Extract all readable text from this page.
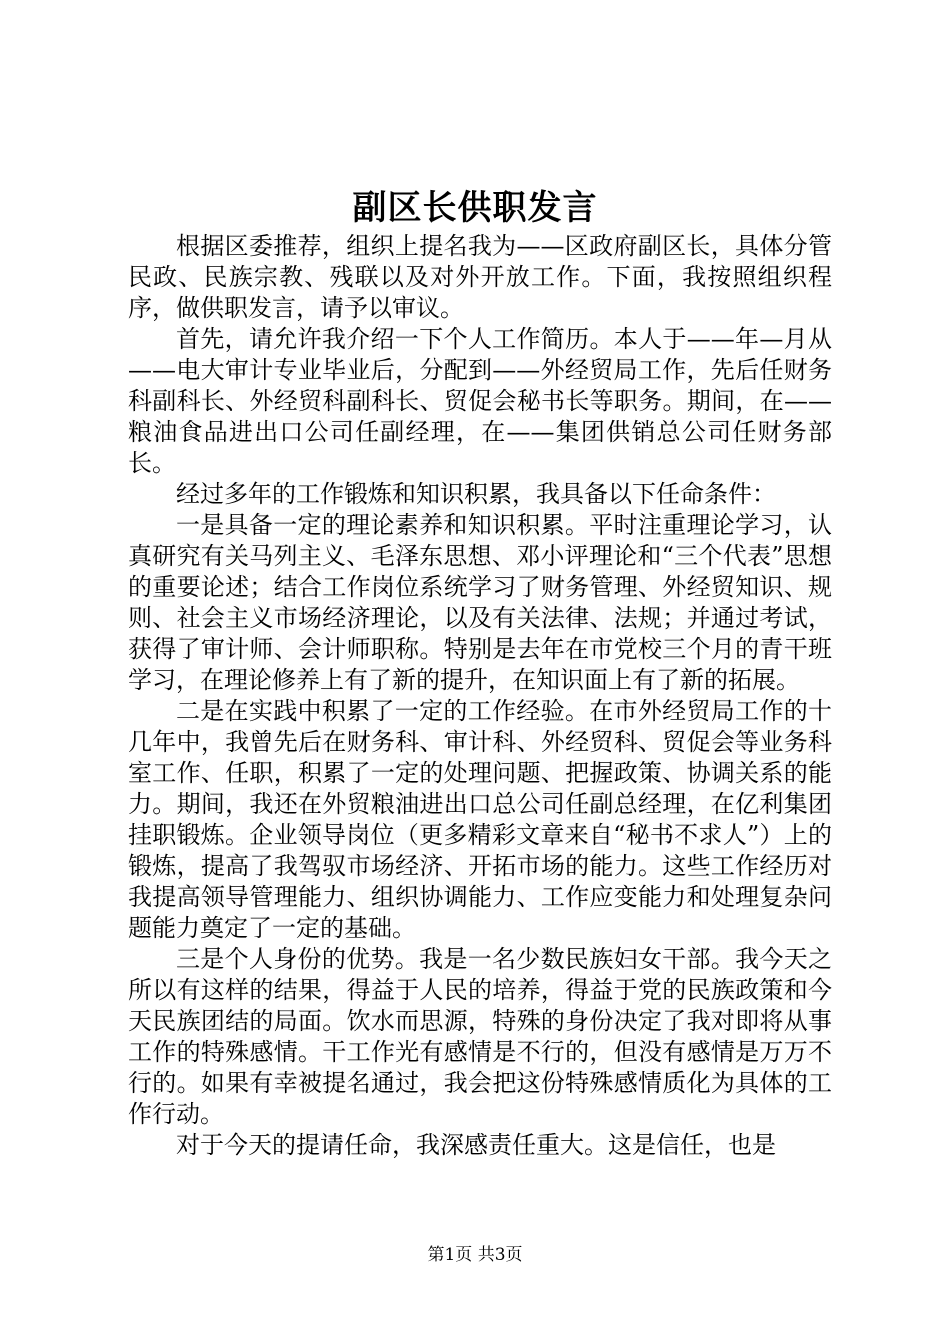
副区长供职发言

根据区委推荐，组织上提名我为——区政府副区长，具体分管民政、民族宗教、残联以及对外开放工作。下面，我按照组织程序，做供职发言，请予以审议。

首先，请允许我介绍一下个人工作简历。本人于——年—月从——电大审计专业毕业后，分配到——外经贸局工作，先后任财务科副科长、外经贸科副科长、贸促会秘书长等职务。期间，在——粮油食品进出口公司任副经理，在——集团供销总公司任财务部长。

经过多年的工作锻炼和知识积累，我具备以下任命条件：

一是具备一定的理论素养和知识积累。平时注重理论学习，认真研究有关马列主义、毛泽东思想、邓小评理论和“三个代表”思想的重要论述；结合工作岗位系统学习了财务管理、外经贸知识、规则、社会主义市场经济理论，以及有关法律、法规；并通过考试，获得了审计师、会计师职称。特别是去年在市党校三个月的青干班学习，在理论修养上有了新的提升，在知识面上有了新的拓展。

二是在实践中积累了一定的工作经验。在市外经贸局工作的十几年中，我曾先后在财务科、审计科、外经贸科、贸促会等业务科室工作、任职，积累了一定的处理问题、把握政策、协调关系的能力。期间，我还在外贸粮油进出口总公司任副总经理，在亿利集团挂职锻炼。企业领导岗位（更多精彩文章来自“秘书不求人”）上的锻炼，提高了我驾驭市场经济、开拓市场的能力。这些工作经历对我提高领导管理能力、组织协调能力、工作应变能力和处理复杂问题能力奠定了一定的基础。

三是个人身份的优势。我是一名少数民族妇女干部。我今天之所以有这样的结果，得益于人民的培养，得益于党的民族政策和今天民族团结的局面。饮水而思源，特殊的身份决定了我对即将从事工作的特殊感情。干工作光有感情是不行的，但没有感情是万万不行的。如果有幸被提名通过，我会把这份特殊感情质化为具体的工作行动。

对于今天的提请任命，我深感责任重大。这是信任，也是

第1页 共3页
